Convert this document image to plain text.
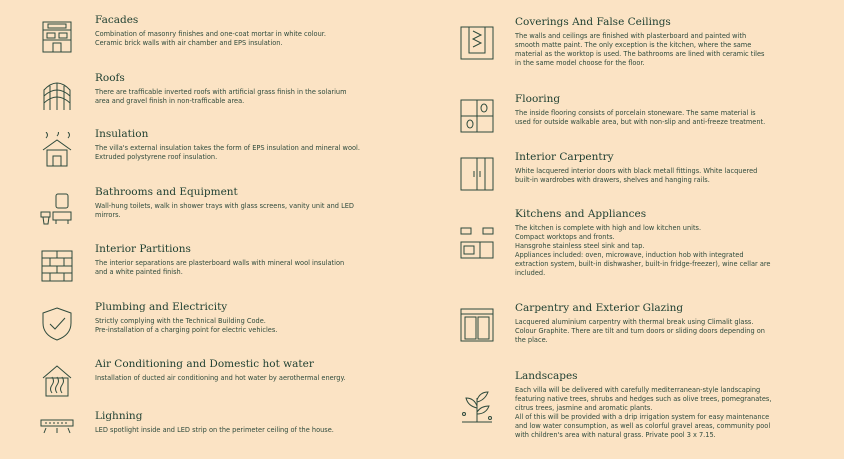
Facades
Combination of masonry finishes and one-coat mortar in white colour.
Ceramic brick walls with air chamber and EPS insulation.
Roofs
There are trafficable inverted roofs with artificial grass finish in the solarium
area and gravel finish in non-trafficable area.
Insulation
The villa's external insulation takes the form of EPS insulation and mineral wool.
Extruded polystyrene roof insulation.
Bathrooms and Equipment
Wall-hung toilets, walk in shower trays with glass screens, vanity unit and LED
mirrors.
Interior Partitions
The interior separations are plasterboard walls with mineral wool insulation
and a white painted finish.
Plumbing and Electricity
Strictly complying with the Technical Building Code.
Pre-installation of a charging point for electric vehicles.
Air Conditioning and Domestic hot water
Installation of ducted air conditioning and hot water by aerothermal energy.
Lighning
LED spotlight inside and LED strip on the perimeter ceiling of the house.
Coverings And False Ceilings
The walls and ceilings are finished with plasterboard and painted with
smooth matte paint. The only exception is the kitchen, where the same
material as the worktop is used. The bathrooms are lined with ceramic tiles
in the same model choose for the floor.
Flooring
The inside flooring consists of porcelain stoneware. The same material is
used for outside walkable area, but with non-slip and anti-freeze treatment.
Interior Carpentry
White lacquered interior doors with black metall fittings. White lacquered
built-in wardrobes with drawers, shelves and hanging rails.
Kitchens and Appliances
The kitchen is complete with high and low kitchen units.
Compact worktops and fronts.
Hansgrohe stainless steel sink and tap.
Appliances included: oven, microwave, induction hob with integrated
extraction system, built-in dishwasher, built-in fridge-freezer), wine cellar are
included.
Carpentry and Exterior Glazing
Lacquered aluminium carpentry with thermal break using Climalit glass.
Colour Graphite. There are tilt and turn doors or sliding doors depending on
the place.
Landscapes
Each villa will be delivered with carefully mediterranean-style landscaping
featuring native trees, shrubs and hedges such as olive trees, pomegranates,
citrus trees, jasmine and aromatic plants.
All of this will be provided with a drip irrigation system for easy maintenance
and low water consumption, as well as colorful gravel areas, community pool
with children's area with natural grass. Private pool 3 x 7.15.
